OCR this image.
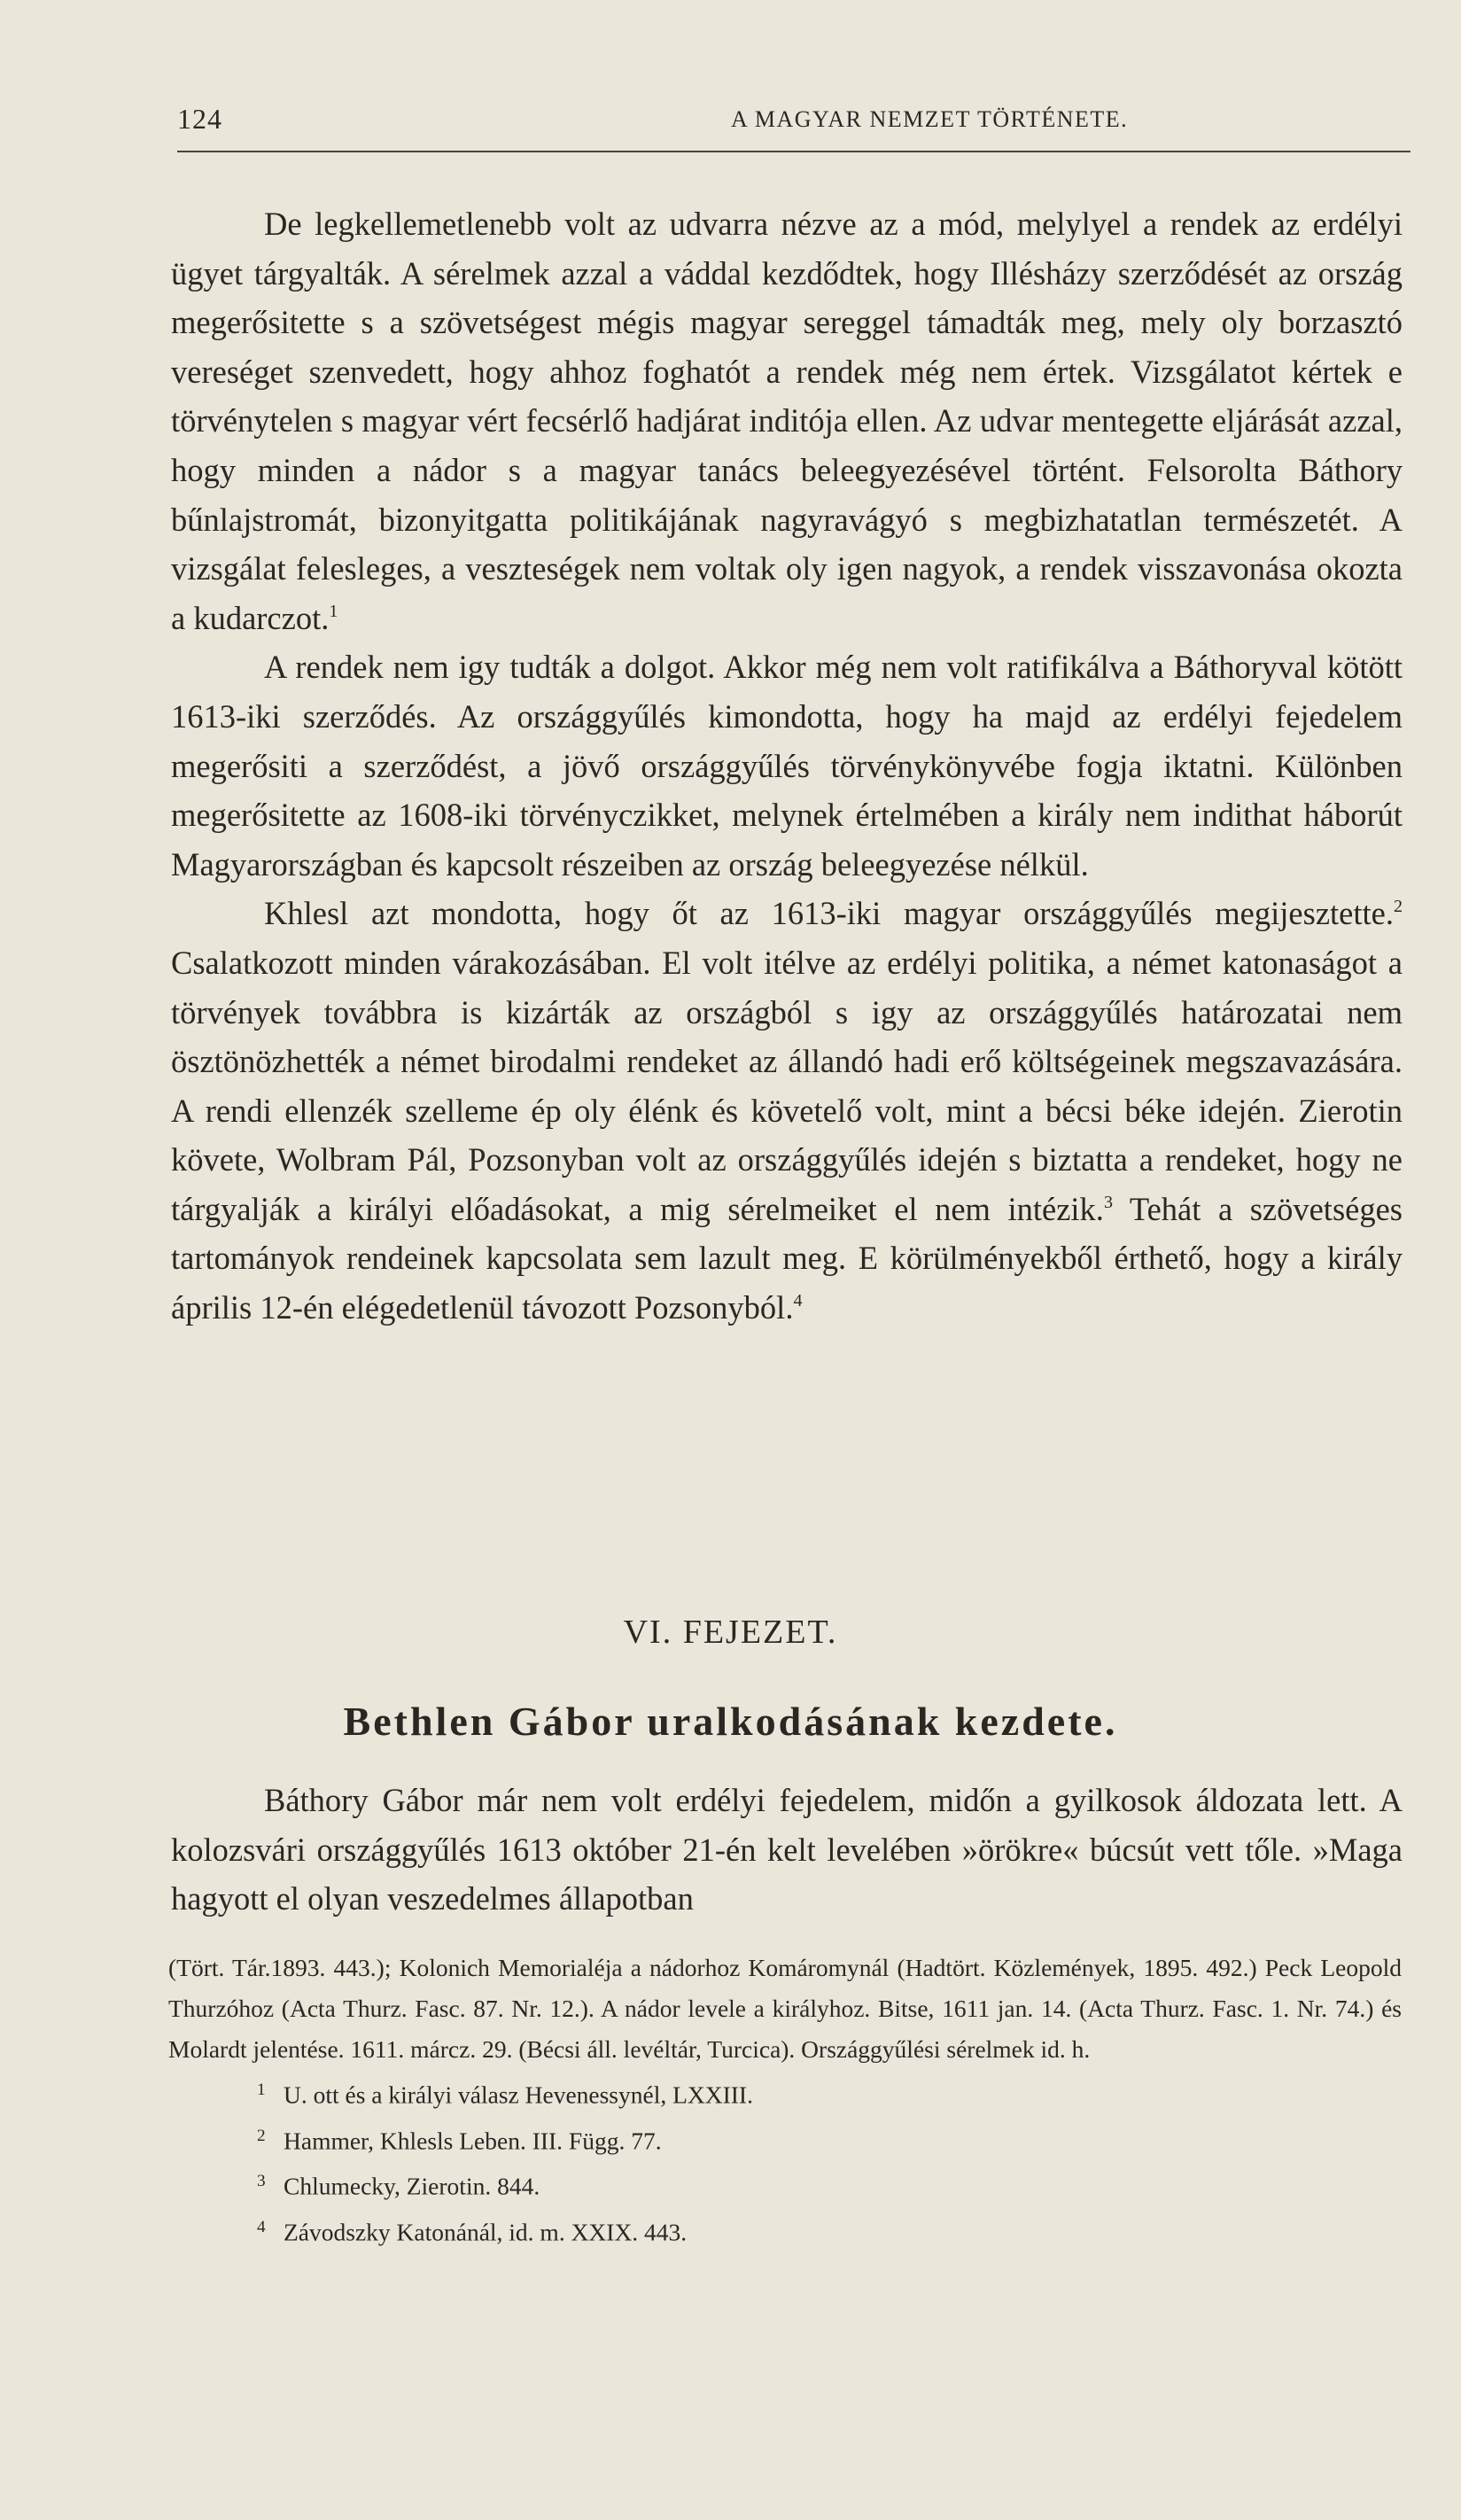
124	A MAGYAR NEMZET TÖRTÉNETE.

De legkellemetlenebb volt az udvarra nézve az a mód, melylyel a rendek az erdélyi ügyet tárgyalták. A sérelmek azzal a váddal kezdődtek, hogy Illésházy szerződését az ország megerősitette s a szövetségest mégis magyar sereggel támadták meg, mely oly borzasztó vereséget szenvedett, hogy ahhoz foghatót a rendek még nem értek. Vizsgálatot kértek e törvénytelen s magyar vért fecsérlő hadjárat inditója ellen. Az udvar mentegette eljárását azzal, hogy minden a nádor s a magyar tanács beleegyezésével történt. Felsorolta Báthory bűnlajstromát, bizonyitgatta politikájának nagyravágyó s megbizhatatlan természetét. A vizsgálat felesleges, a veszteségek nem voltak oly igen nagyok, a rendek visszavonása okozta a kudarczot.$^1$

A rendek nem igy tudták a dolgot. Akkor még nem volt ratifikálva a Báthoryval kötött 1613-iki szerződés. Az országgyűlés kimondotta, hogy ha majd az erdélyi fejedelem megerősiti a szerződést, a jövő országgyűlés törvénykönyvébe fogja iktatni. Különben megerősitette az 1608-iki törvényczikket, melynek értelmében a király nem indithat háborút Magyarországban és kapcsolt részeiben az ország beleegyezése nélkül.

Khlesl azt mondotta, hogy őt az 1613-iki magyar országgyűlés megijesztette.$^2$ Csalatkozott minden várakozásában. El volt itélve az erdélyi politika, a német katonaságot a törvények továbbra is kizárták az országból s igy az országgyűlés határozatai nem ösztönözhették a német birodalmi rendeket az állandó hadi erő költségeinek megszavazására. A rendi ellenzék szelleme ép oly élénk és követelő volt, mint a bécsi béke idején. Zierotin követe, Wolbram Pál, Pozsonyban volt az országgyűlés idején s biztatta a rendeket, hogy ne tárgyalják a királyi előadásokat, a mig sérelmeiket el nem intézik.$^3$ Tehát a szövetséges tartományok rendeinek kapcsolata sem lazult meg. E körülményekből érthető, hogy a király április 12-én elégedetlenül távozott Pozsonyból.$^4$

VI. FEJEZET.
Bethlen Gábor uralkodásának kezdete.

Báthory Gábor már nem volt erdélyi fejedelem, midőn a gyilkosok áldozata lett. A kolozsvári országgyűlés 1613 október 21-én kelt levelében »örökre« búcsút vett tőle. »Maga hagyott el olyan veszedelmes állapotban

(Tört. Tár.1893. 443.); Kolonich Memorialéja a nádorhoz Komáromynál (Hadtört. Közlemények, 1895. 492.) Peck Leopold Thurzóhoz (Acta Thurz. Fasc. 87. Nr. 12.). A nádor levele a királyhoz. Bitse, 1611 jan. 14. (Acta Thurz. Fasc. 1. Nr. 74.) és Molardt jelentése. 1611. márcz. 29. (Bécsi áll. levéltár, Turcica). Országgyűlési sérelmek id. h.

1 U. ott és a királyi válasz Hevenessynél, LXXIII.

2 Hammer, Khlesls Leben. III. Függ. 77.

3 Chlumecky, Zierotin. 844.

4 Závodszky Katonánál, id. m. XXIX. 443.
